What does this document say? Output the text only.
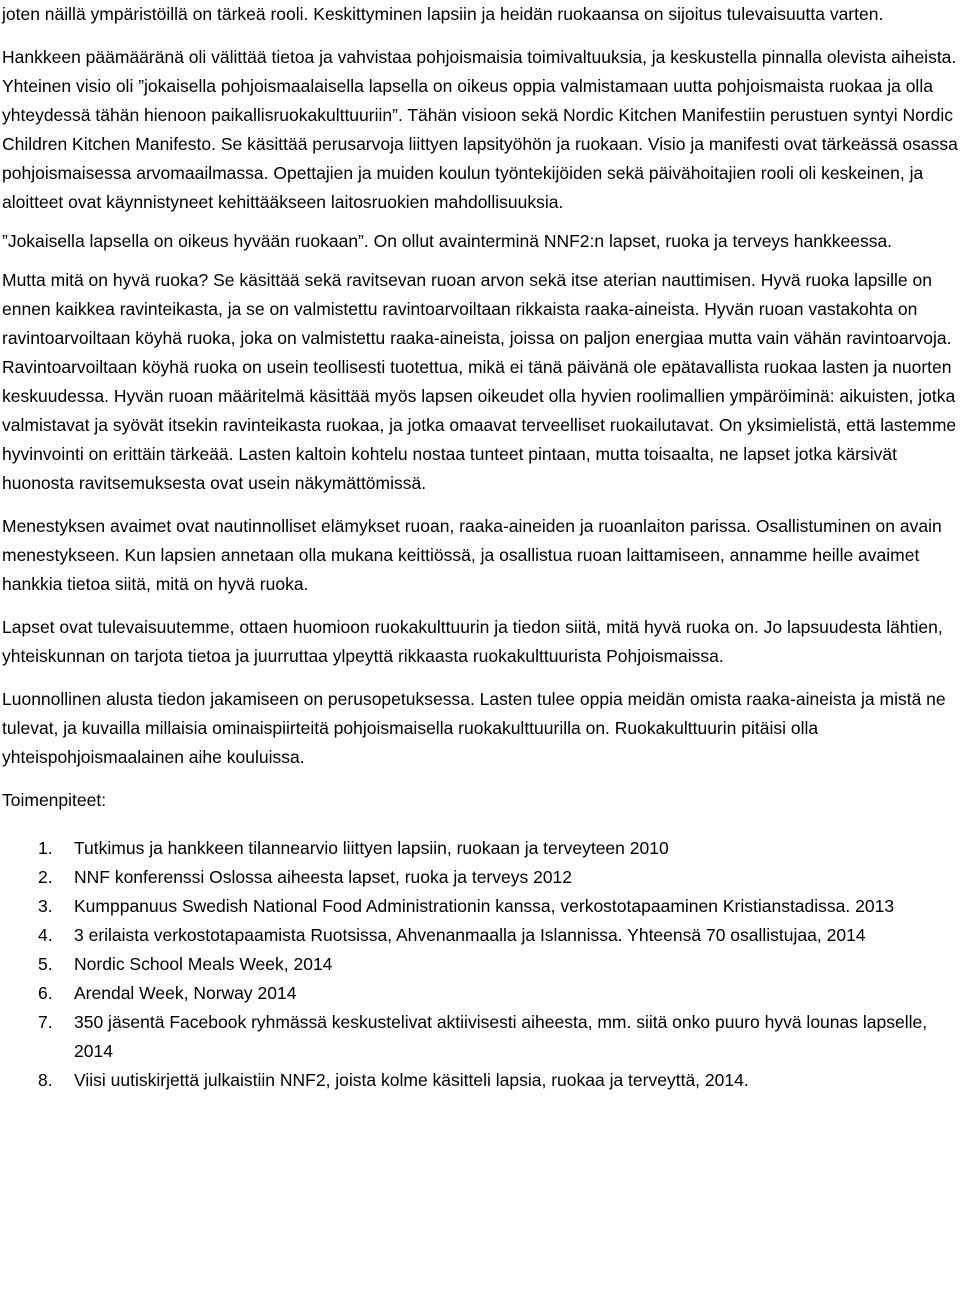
joten näillä ympäristöillä on tärkeä rooli. Keskittyminen lapsiin ja heidän ruokaansa on sijoitus tulevaisuutta varten.

Hankkeen päämääränä oli välittää tietoa ja vahvistaa pohjoismaisia toimivaltuuksia, ja keskustella pinnalla olevista aiheista. Yhteinen visio oli ”jokaisella pohjoismaalaisella lapsella on oikeus oppia valmistamaan uutta pohjoismaista ruokaa ja olla yhteydessä tähän hienoon paikallisruokakulttuuriin”. Tähän visioon sekä Nordic Kitchen Manifestiin perustuen syntyi Nordic Children Kitchen Manifesto. Se käsittää perusarvoja liittyen lapsityöhön ja ruokaan. Visio ja manifesti ovat tärkeässä osassa pohjoismaisessa arvomaailmassa. Opettajien ja muiden koulun työntekijöiden sekä päivähoitajien rooli oli keskeinen, ja aloitteet ovat käynnistyneet kehittääkseen laitosruokien mahdollisuuksia.

”Jokaisella lapsella on oikeus hyvään ruokaan”. On ollut avainterminä NNF2:n lapset, ruoka ja terveys hankkeessa.

Mutta mitä on hyvä ruoka? Se käsittää sekä ravitsevan ruoan arvon sekä itse aterian nauttimisen. Hyvä ruoka lapsille on ennen kaikkea ravinteikasta, ja se on valmistettu ravintoarvoiltaan rikkaista raaka-aineista. Hyvän ruoan vastakohta on ravintoarvoiltaan köyhä ruoka, joka on valmistettu raaka-aineista, joissa on paljon energiaa mutta vain vähän ravintoarvoja. Ravintoarvoiltaan köyhä ruoka on usein teollisesti tuotettua, mikä ei tänä päivänä ole epätavallista ruokaa lasten ja nuorten keskuudessa. Hyvän ruoan määritelmä käsittää myös lapsen oikeudet olla hyvien roolimallien ympäröiminä: aikuisten, jotka valmistavat ja syövät itsekin ravinteikasta ruokaa, ja jotka omaavat terveelliset ruokailutavat. On yksimielistä, että lastemme hyvinvointi on erittäin tärkeää. Lasten kaltoin kohtelu nostaa tunteet pintaan, mutta toisaalta, ne lapset jotka kärsivät huonosta ravitsemuksesta ovat usein näkymättömissä.

Menestyksen avaimet ovat nautinnolliset elämykset ruoan, raaka-aineiden ja ruoanlaiton parissa. Osallistuminen on avain menestykseen. Kun lapsien annetaan olla mukana keittiössä, ja osallistua ruoan laittamiseen, annamme heille avaimet hankkia tietoa siitä, mitä on hyvä ruoka.

Lapset ovat tulevaisuutemme, ottaen huomioon ruokakulttuurin ja tiedon siitä, mitä hyvä ruoka on. Jo lapsuudesta lähtien, yhteiskunnan on tarjota tietoa ja juurruttaa ylpeyttä rikkaasta ruokakulttuurista Pohjoismaissa.

Luonnollinen alusta tiedon jakamiseen on perusopetuksessa. Lasten tulee oppia meidän omista raaka-aineista ja mistä ne tulevat, ja kuvailla millaisia ominaispiirteitä pohjoismaisella ruokakulttuurilla on. Ruokakulttuurin pitäisi olla yhteispohjoismaalainen aihe kouluissa.

Toimenpiteet:

1. Tutkimus ja hankkeen tilannearvio liittyen lapsiin, ruokaan ja terveyteen 2010
2. NNF konferenssi Oslossa aiheesta lapset, ruoka ja terveys 2012
3. Kumppanuus Swedish National Food Administrationin kanssa, verkostotapaaminen Kristianstadissa. 2013
4. 3 erilaista verkostotapaamista Ruotsissa, Ahvenanmaalla ja Islannissa. Yhteensä 70 osallistujaa, 2014
5. Nordic School Meals Week, 2014
6. Arendal Week, Norway 2014
7. 350 jäsentä Facebook ryhmässä keskustelivat aktiivisesti aiheesta, mm. siitä onko puuro hyvä lounas lapselle, 2014
8. Viisi uutiskirjettä julkaistiin NNF2, joista kolme käsitteli lapsia, ruokaa ja terveyttä, 2014.
